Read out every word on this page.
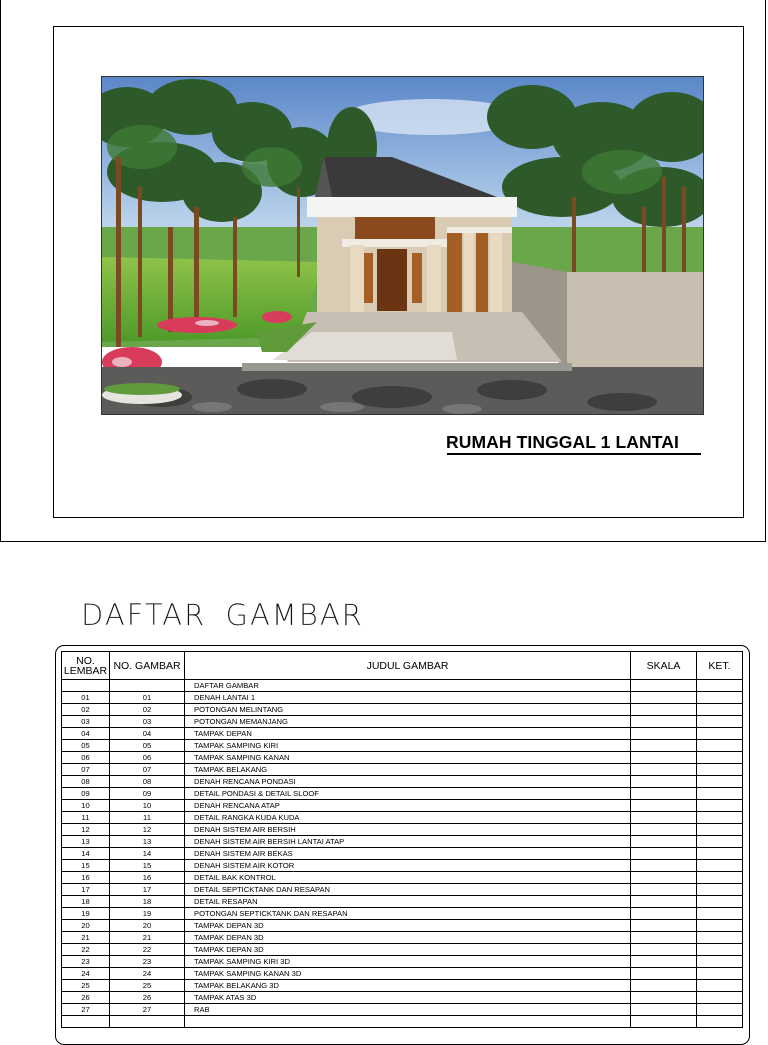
RUMAH TINGGAL 1 LANTAI
DAFTAR GAMBAR
NO. LEMBAR	NO. GAMBAR	JUDUL GAMBAR	SKALA	KET.
		DAFTAR GAMBAR		
01	01	DENAH LANTAI 1		
02	02	POTONGAN MELINTANG		
03	03	POTONGAN MEMANJANG		
04	04	TAMPAK DEPAN		
05	05	TAMPAK SAMPING KIRI		
06	06	TAMPAK SAMPING KANAN		
07	07	TAMPAK BELAKANG		
08	08	DENAH RENCANA PONDASI		
09	09	DETAIL PONDASI & DETAIL SLOOF		
10	10	DENAH RENCANA ATAP		
11	11	DETAIL RANGKA KUDA KUDA		
12	12	DENAH SISTEM AIR BERSIH		
13	13	DENAH SISTEM AIR BERSIH LANTAI ATAP		
14	14	DENAH SISTEM AIR BEKAS		
15	15	DENAH SISTEM AIR KOTOR		
16	16	DETAIL BAK KONTROL		
17	17	DETAIL SEPTICKTANK DAN RESAPAN		
18	18	DETAIL RESAPAN		
19	19	POTONGAN SEPTICKTANK DAN RESAPAN		
20	20	TAMPAK DEPAN 3D		
21	21	TAMPAK DEPAN 3D		
22	22	TAMPAK DEPAN 3D		
23	23	TAMPAK SAMPING KIRI 3D		
24	24	TAMPAK SAMPING KANAN 3D		
25	25	TAMPAK BELAKANG 3D		
26	26	TAMPAK ATAS 3D		
27	27	RAB		
